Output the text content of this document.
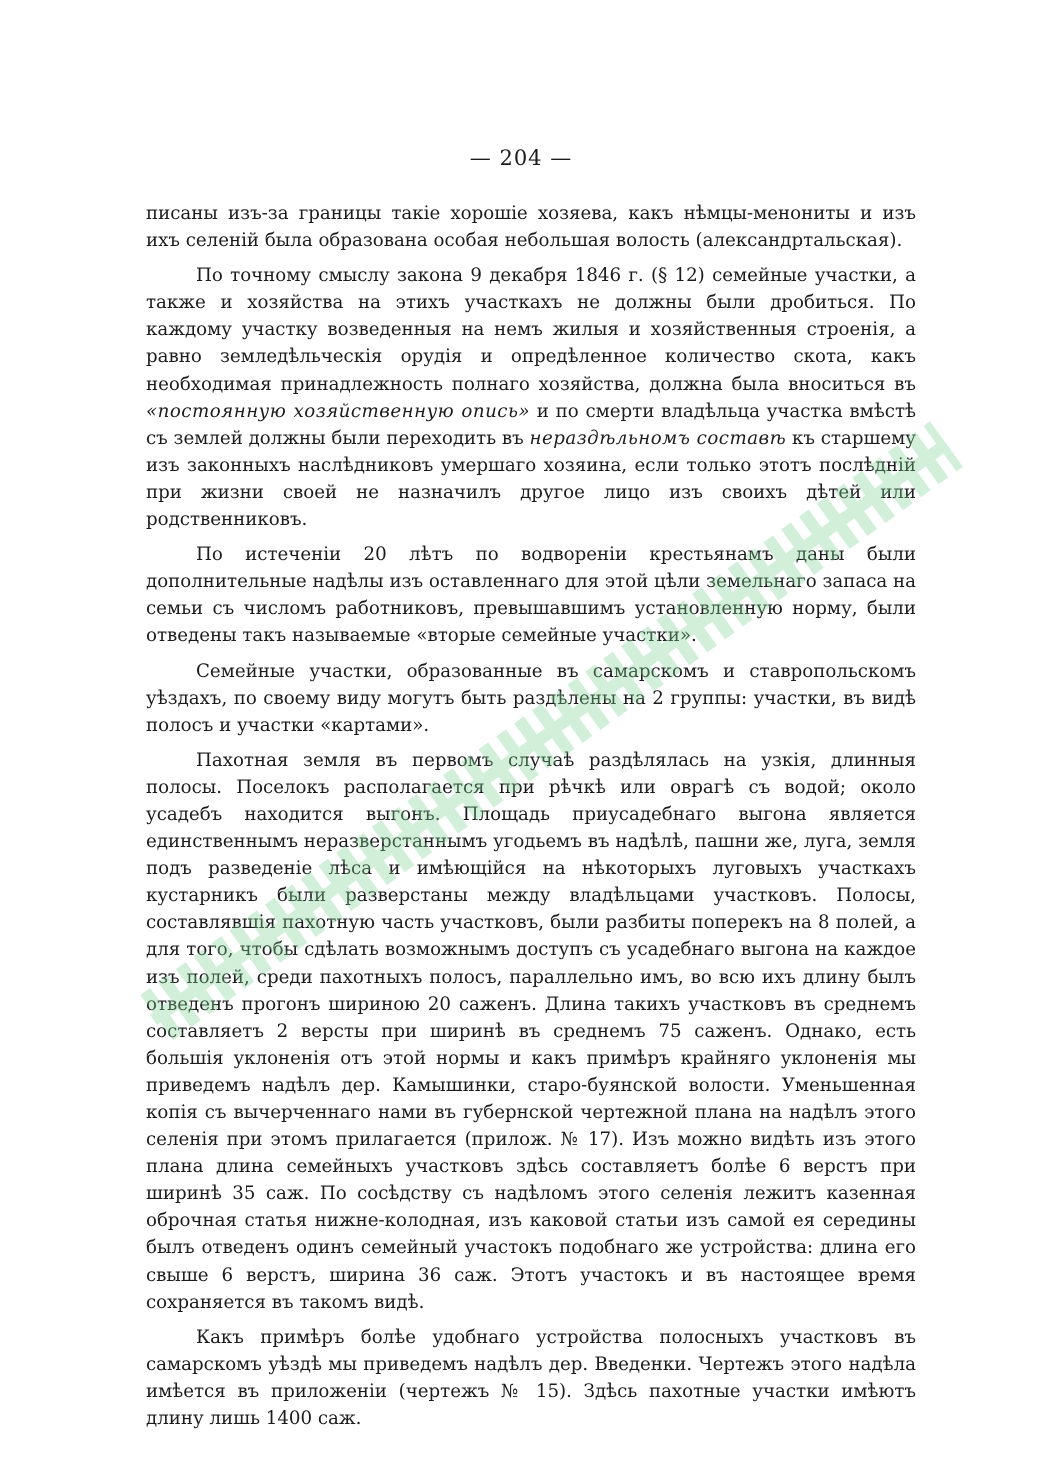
— 204 —

писаны изъ-за границы такіе хорошіе хозяева, какъ нѣмцы-менониты и изъ ихъ селеній была образована особая небольшая волость (александртальская).

По точному смыслу закона 9 декабря 1846 г. (§ 12) семейные участки, а также и хозяйства на этихъ участкахъ не должны были дробиться. По каждому участку возведенныя на немъ жилыя и хозяйственныя строенія, а равно земледѣльческія орудія и опредѣленное количество скота, какъ необходимая принадлежность полнаго хозяйства, должна была вноситься въ «постоянную хозяйственную опись» и по смерти владѣльца участка вмѣстѣ съ землей должны были переходить въ нераздѣльномъ составѣ къ старшему изъ законныхъ наслѣдниковъ умершаго хозяина, если только этотъ послѣдній при жизни своей не назначилъ другое лицо изъ своихъ дѣтей или родственниковъ.

По истеченіи 20 лѣтъ по водвореніи крестьянамъ даны были дополнительные надѣлы изъ оставленнаго для этой цѣли земельнаго запаса на семьи съ числомъ работниковъ, превышавшимъ установленную норму, были отведены такъ называемые «вторые семейные участки».

Семейные участки, образованные въ самарскомъ и ставропольскомъ уѣздахъ, по своему виду могутъ быть раздѣлены на 2 группы: участки, въ видѣ полосъ и участки «картами».

Пахотная земля въ первомъ случаѣ раздѣлялась на узкія, длинныя полосы. Поселокъ располагается при рѣчкѣ или оврагѣ съ водой; около усадебъ находится выгонъ. Площадь приусадебнаго выгона является единственнымъ неразверстаннымъ угодьемъ въ надѣлѣ, пашни же, луга, земля подъ разведеніе лѣса и имѣющійся на нѣкоторыхъ луговыхъ участкахъ кустарникъ были разверстаны между владѣльцами участковъ. Полосы, составлявшія пахотную часть участковъ, были разбиты поперекъ на 8 полей, а для того, чтобы сдѣлать возможнымъ доступъ съ усадебнаго выгона на каждое изъ полей, среди пахотныхъ полосъ, параллельно имъ, во всю ихъ длину былъ отведенъ прогонъ шириною 20 саженъ. Длина такихъ участковъ въ среднемъ составляетъ 2 версты при ширинѣ въ среднемъ 75 саженъ. Однако, есть большія уклоненія отъ этой нормы и какъ примѣръ крайняго уклоненія мы приведемъ надѣлъ дер. Камышинки, старо-буянской волости. Уменьшенная копія съ вычерченнаго нами въ губернской чертежной плана на надѣлъ этого селенія при этомъ прилагается (прилож. № 17). Изъ можно видѣть изъ этого плана длина семейныхъ участковъ здѣсь составляетъ болѣе 6 верстъ при ширинѣ 35 саж. По сосѣдству съ надѣломъ этого селенія лежитъ казенная оброчная статья нижне-колодная, изъ каковой статьи изъ самой ея середины былъ отведенъ одинъ семейный участокъ подобнаго же устройства: длина его свыше 6 верстъ, ширина 36 саж. Этотъ участокъ и въ настоящее время сохраняется въ такомъ видѣ.

Какъ примѣръ болѣе удобнаго устройства полосныхъ участковъ въ самарскомъ уѣздѣ мы приведемъ надѣлъ дер. Введенки. Чертежъ этого надѣла имѣется въ приложеніи (чертежъ № 15). Здѣсь пахотные участки имѣютъ длину лишь 1400 саж.
